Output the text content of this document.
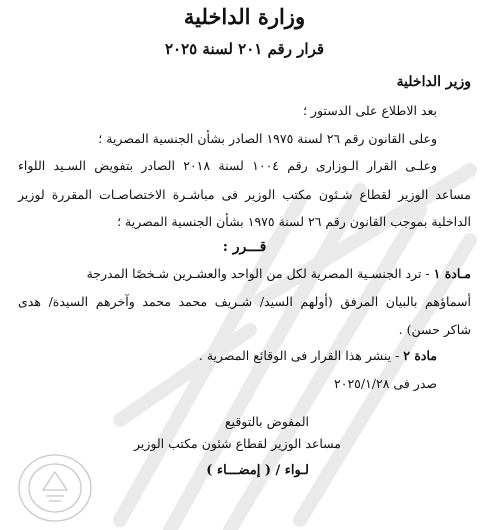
وزارة الداخلية
قرار رقم ٢٠١ لسنة ٢٠٢٥
وزير الداخلية
بعد الاطلاع على الدستور ؛
وعلى القانون رقم ٢٦ لسنة ١٩٧٥ الصادر بشأن الجنسية المصرية ؛
وعلـى القرار الـوزارى رقم ١٠٠٤ لسنة ٢٠١٨ الصادر بتفويض السـيد اللواء
مساعد الوزير لقطاع شـئون مكتب الوزير فى مباشـرة الاختصاصـات المقررة لوزير
الداخلية بموجب القانون رقم ٢٦ لسنة ١٩٧٥ بشأن الجنسية المصرية ؛
قـــرر :
مـادة ١ - ترد الجنسـية المصرية لكل من الواحد والعشـرين شـخصًا المدرجة
أسماؤهم بالبيان المرفق (أولهم السيد/ شـريف محمد محمد وآخرهم السيدة/ هدى
شاكر حسن) .
مادة ٢ - ينشر هذا القرار فى الوقائع المصرية .
صدر فى ٢٠٢٥/١/٢٨
المفوض بالتوقيع
مساعد الوزير لقطاع شئون مكتب الوزير
لـواء / ( إمضـــاء )
